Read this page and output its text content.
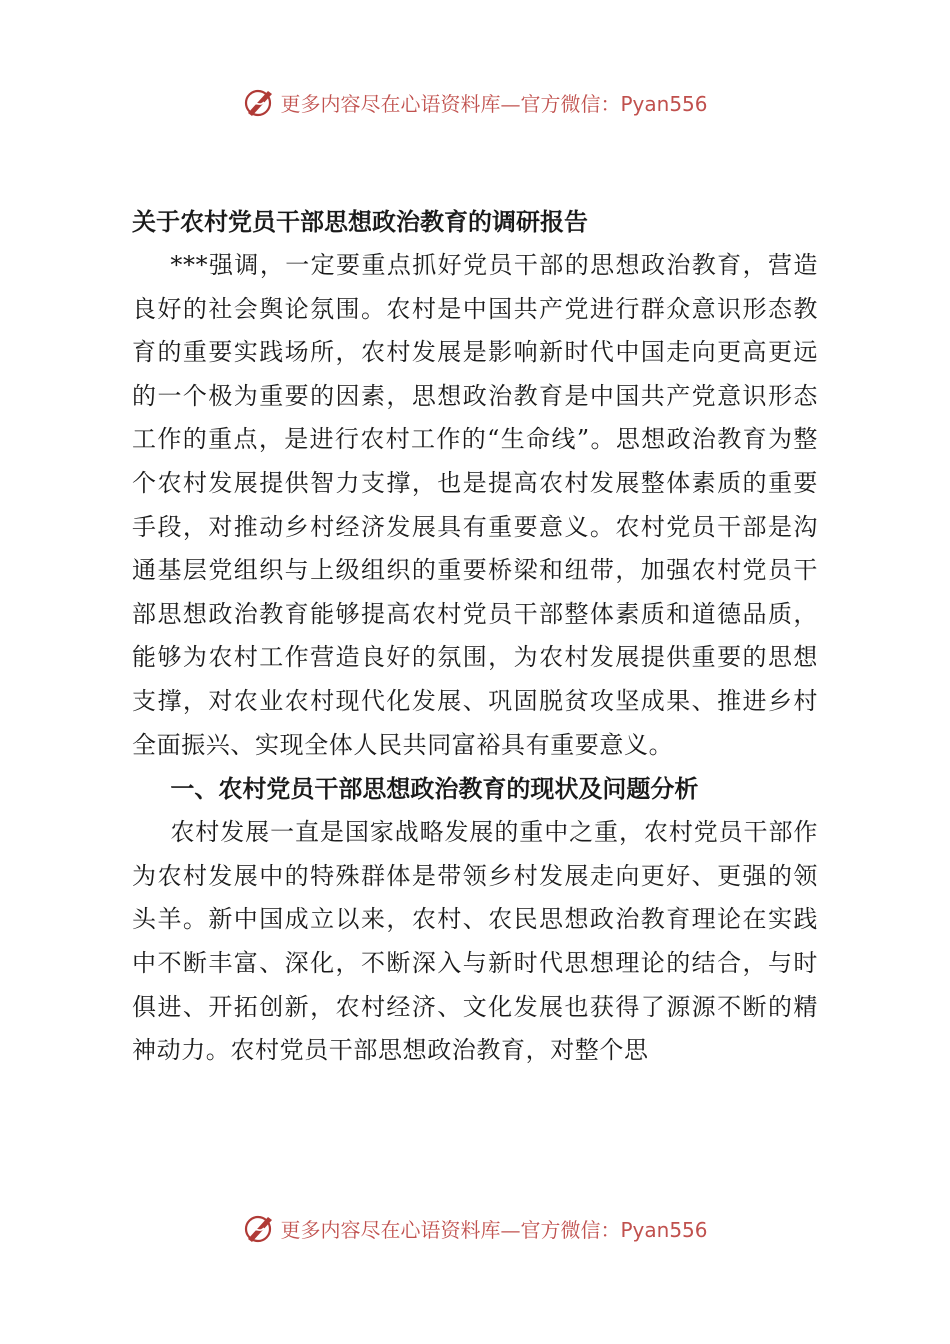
更多内容尽在心语资料库—官方微信：Pyan556
关于农村党员干部思想政治教育的调研报告

***强调，一定要重点抓好党员干部的思想政治教育，营造良好的社会舆论氛围。农村是中国共产党进行群众意识形态教育的重要实践场所，农村发展是影响新时代中国走向更高更远的一个极为重要的因素，思想政治教育是中国共产党意识形态工作的重点，是进行农村工作的“生命线”。思想政治教育为整个农村发展提供智力支撑，也是提高农村发展整体素质的重要手段，对推动乡村经济发展具有重要意义。农村党员干部是沟通基层党组织与上级组织的重要桥梁和纽带，加强农村党员干部思想政治教育能够提高农村党员干部整体素质和道德品质，能够为农村工作营造良好的氛围，为农村发展提供重要的思想支撑，对农业农村现代化发展、巩固脱贫攻坚成果、推进乡村全面振兴、实现全体人民共同富裕具有重要意义。

一、农村党员干部思想政治教育的现状及问题分析

农村发展一直是国家战略发展的重中之重，农村党员干部作为农村发展中的特殊群体是带领乡村发展走向更好、更强的领头羊。新中国成立以来，农村、农民思想政治教育理论在实践中不断丰富、深化，不断深入与新时代思想理论的结合，与时俱进、开拓创新，农村经济、文化发展也获得了源源不断的精神动力。农村党员干部思想政治教育，对整个思

更多内容尽在心语资料库—官方微信：Pyan556
